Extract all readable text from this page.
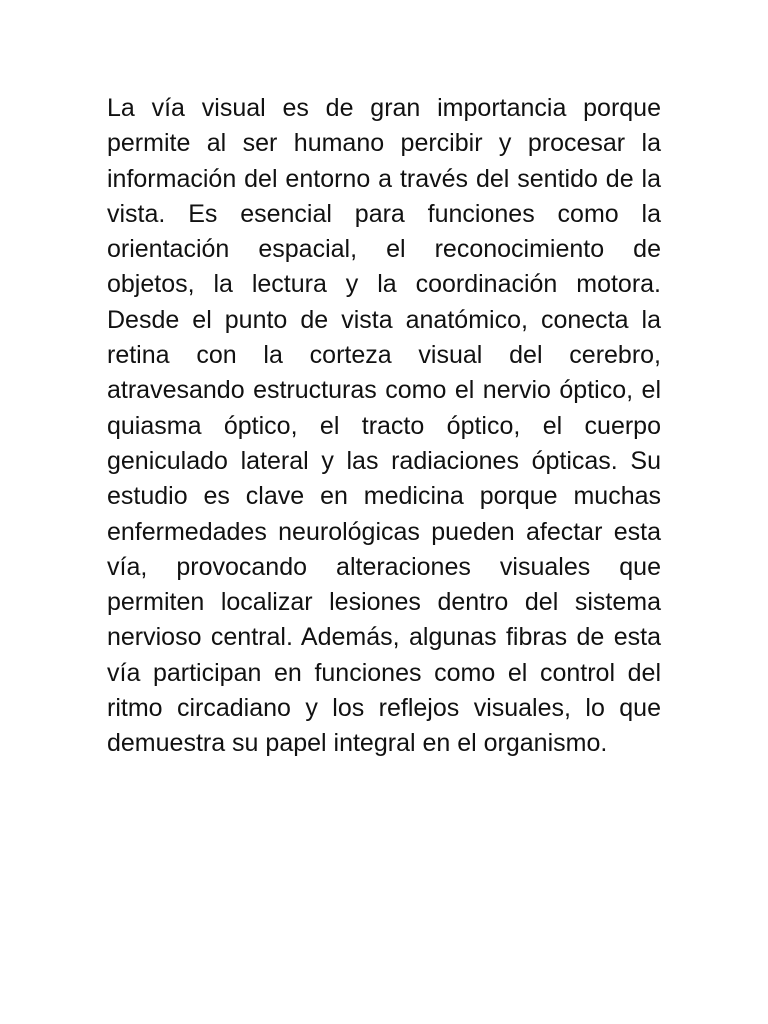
La vía visual es de gran importancia porque permite al ser humano percibir y procesar la información del entorno a través del sentido de la vista. Es esencial para funciones como la orientación espacial, el reconocimiento de objetos, la lectura y la coordinación motora. Desde el punto de vista anatómico, conecta la retina con la corteza visual del cerebro, atravesando estructuras como el nervio óptico, el quiasma óptico, el tracto óptico, el cuerpo geniculado lateral y las radiaciones ópticas. Su estudio es clave en medicina porque muchas enfermedades neurológicas pueden afectar esta vía, provocando alteraciones visuales que permiten localizar lesiones dentro del sistema nervioso central. Además, algunas fibras de esta vía participan en funciones como el control del ritmo circadiano y los reflejos visuales, lo que demuestra su papel integral en el organismo.
